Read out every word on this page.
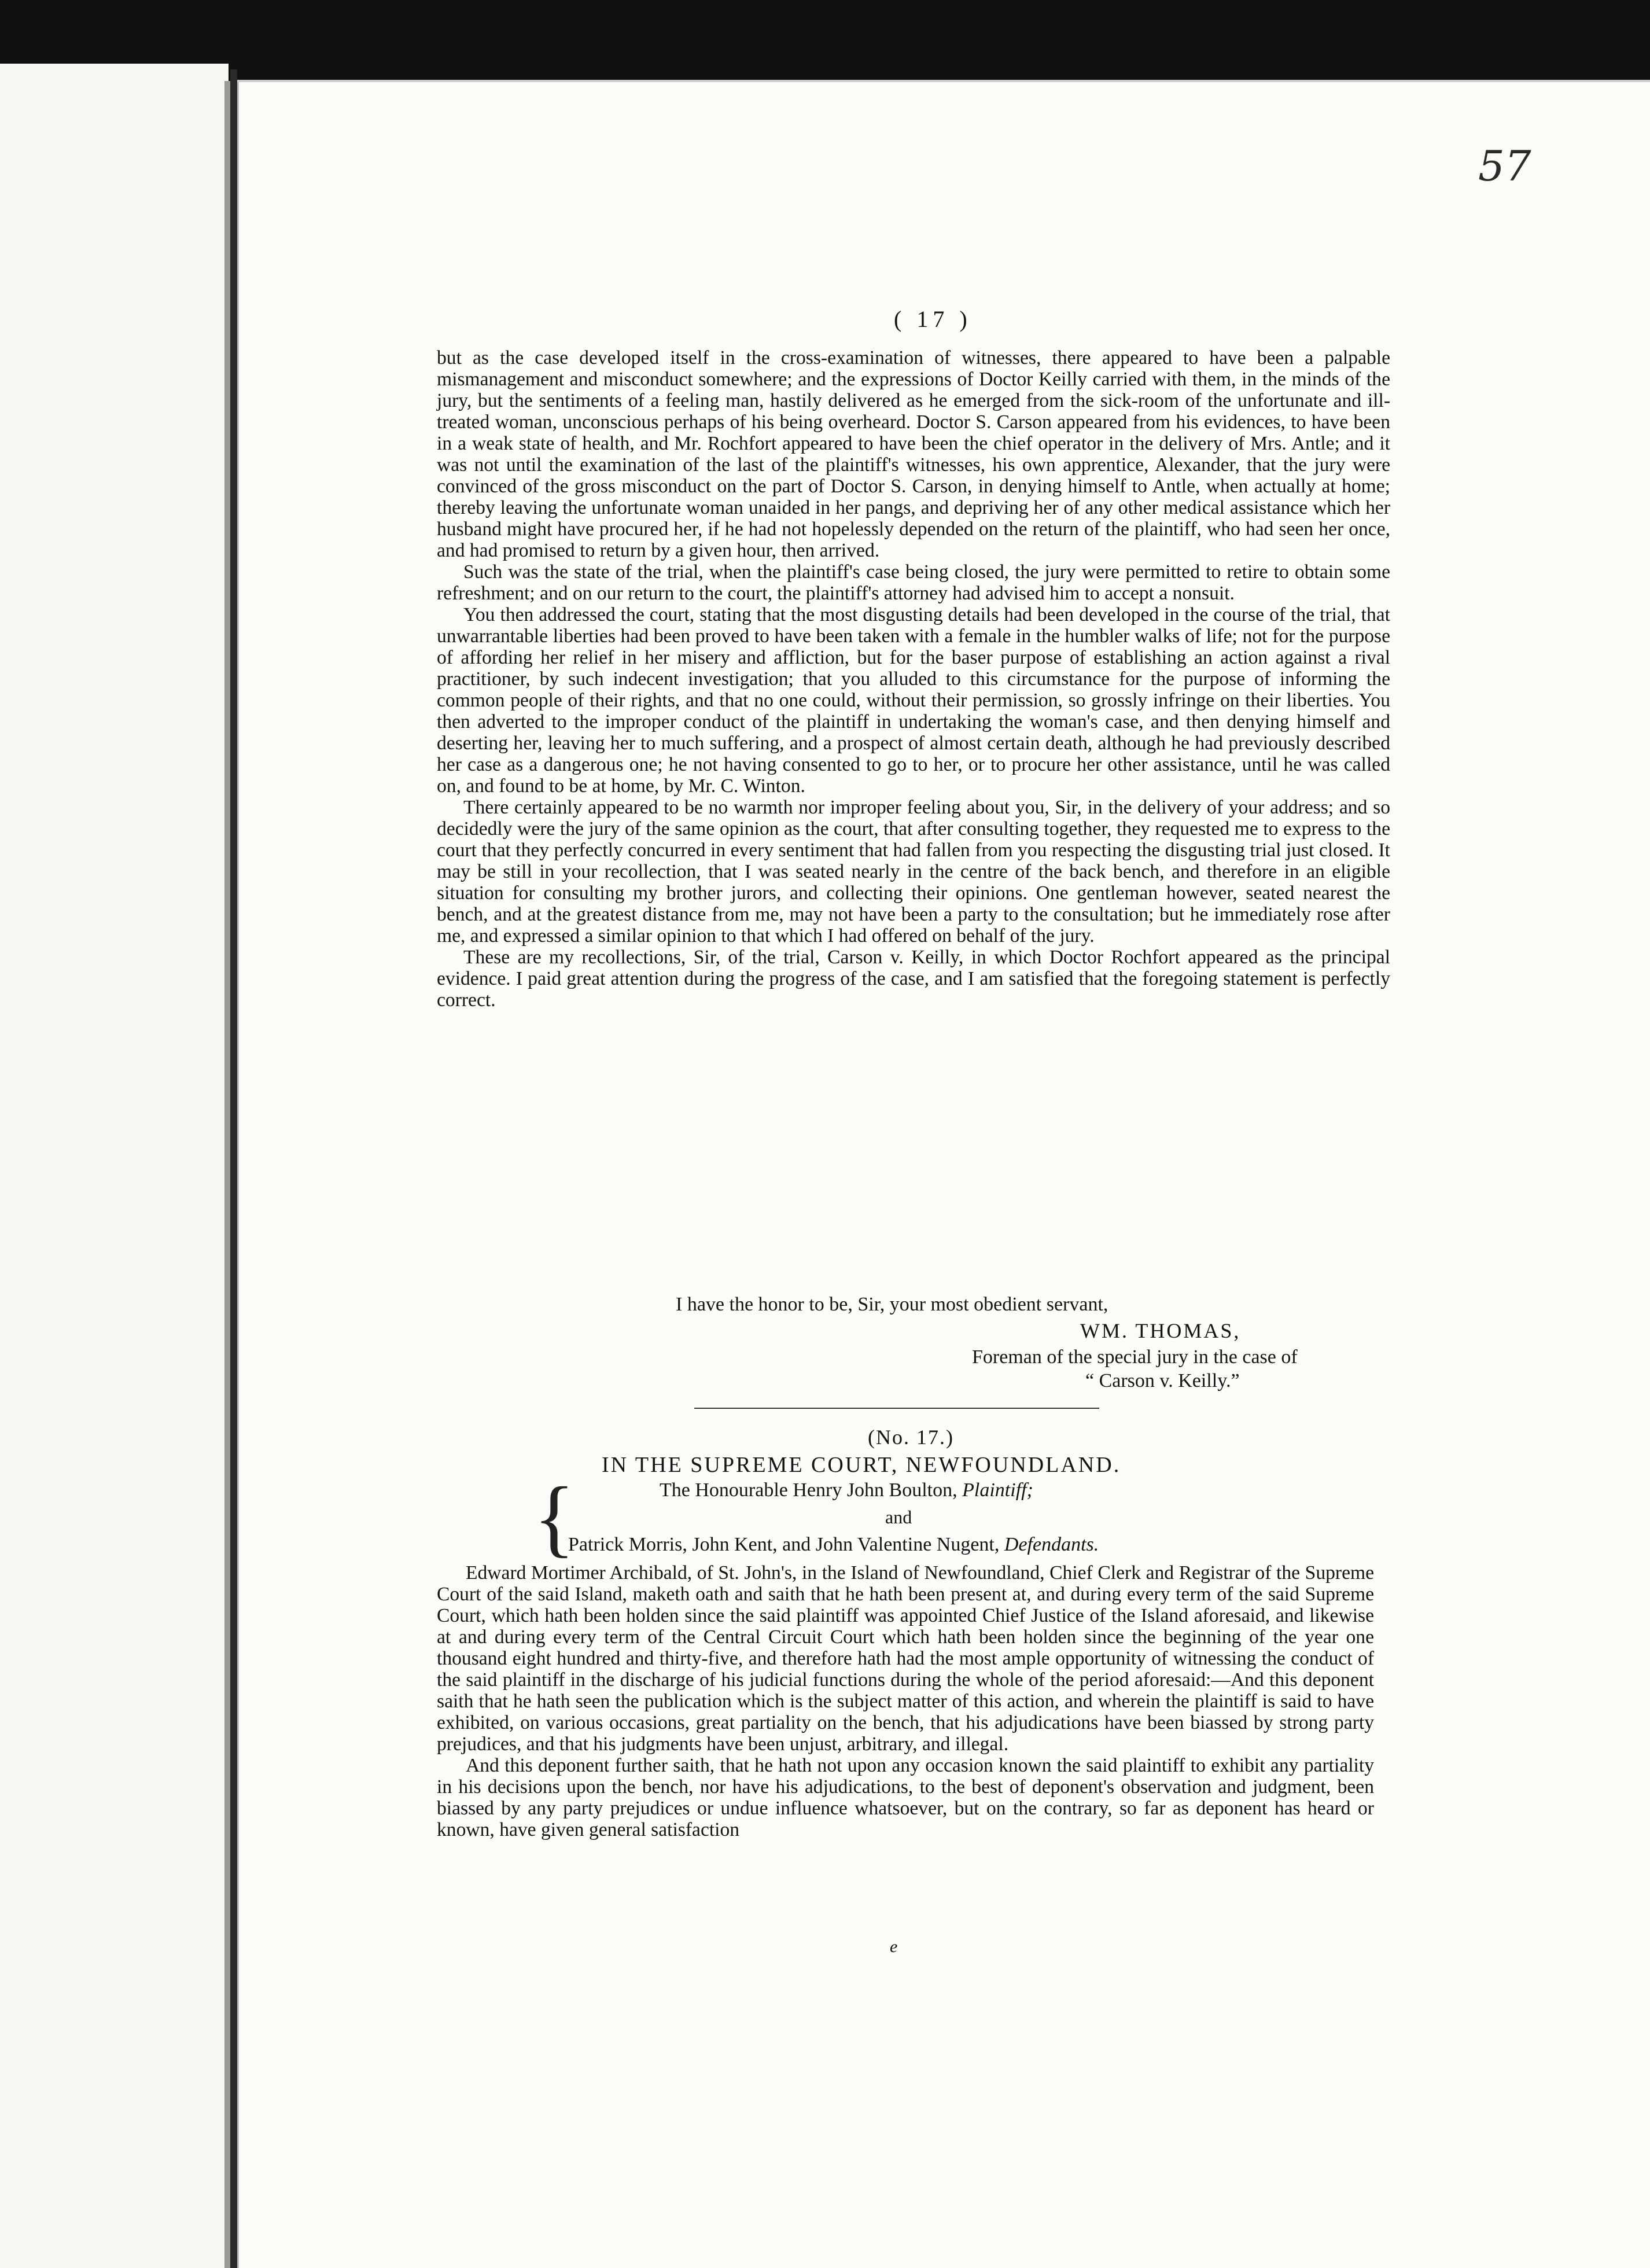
57
( 17 )

but as the case developed itself in the cross-examination of witnesses, there appeared to have been a palpable mismanagement and misconduct somewhere; and the expressions of Doctor Keilly carried with them, in the minds of the jury, but the sentiments of a feeling man, hastily delivered as he emerged from the sick-room of the unfortunate and ill-treated woman, unconscious perhaps of his being overheard. Doctor S. Carson appeared from his evidences, to have been in a weak state of health, and Mr. Rochfort appeared to have been the chief operator in the delivery of Mrs. Antle; and it was not until the examination of the last of the plaintiff's witnesses, his own apprentice, Alexander, that the jury were convinced of the gross misconduct on the part of Doctor S. Carson, in denying himself to Antle, when actually at home; thereby leaving the unfortunate woman unaided in her pangs, and depriving her of any other medical assistance which her husband might have procured her, if he had not hopelessly depended on the return of the plaintiff, who had seen her once, and had promised to return by a given hour, then arrived.

Such was the state of the trial, when the plaintiff's case being closed, the jury were permitted to retire to obtain some refreshment; and on our return to the court, the plaintiff's attorney had advised him to accept a nonsuit.

You then addressed the court, stating that the most disgusting details had been developed in the course of the trial, that unwarrantable liberties had been proved to have been taken with a female in the humbler walks of life; not for the purpose of affording her relief in her misery and affliction, but for the baser purpose of establishing an action against a rival practitioner, by such indecent investigation; that you alluded to this circumstance for the purpose of informing the common people of their rights, and that no one could, without their permission, so grossly infringe on their liberties. You then adverted to the improper conduct of the plaintiff in undertaking the woman's case, and then denying himself and deserting her, leaving her to much suffering, and a prospect of almost certain death, although he had previously described her case as a dangerous one; he not having consented to go to her, or to procure her other assistance, until he was called on, and found to be at home, by Mr. C. Winton.

There certainly appeared to be no warmth nor improper feeling about you, Sir, in the delivery of your address; and so decidedly were the jury of the same opinion as the court, that after consulting together, they requested me to express to the court that they perfectly concurred in every sentiment that had fallen from you respecting the disgusting trial just closed. It may be still in your recollection, that I was seated nearly in the centre of the back bench, and therefore in an eligible situation for consulting my brother jurors, and collecting their opinions. One gentleman however, seated nearest the bench, and at the greatest distance from me, may not have been a party to the consultation; but he immediately rose after me, and expressed a similar opinion to that which I had offered on behalf of the jury.

These are my recollections, Sir, of the trial, Carson v. Keilly, in which Doctor Rochfort appeared as the principal evidence. I paid great attention during the progress of the case, and I am satisfied that the foregoing statement is perfectly correct.

I have the honor to be, Sir, your most obedient servant,
WM. THOMAS,
Foreman of the special jury in the case of
“ Carson v. Keilly.”
(No. 17.)
IN THE SUPREME COURT, NEWFOUNDLAND.
{	The Honourable Henry John Boulton, Plaintiff;
and
Patrick Morris, John Kent, and John Valentine Nugent, Defendants.

Edward Mortimer Archibald, of St. John's, in the Island of Newfoundland, Chief Clerk and Registrar of the Supreme Court of the said Island, maketh oath and saith that he hath been present at, and during every term of the said Supreme Court, which hath been holden since the said plaintiff was appointed Chief Justice of the Island aforesaid, and likewise at and during every term of the Central Circuit Court which hath been holden since the beginning of the year one thousand eight hundred and thirty-five, and therefore hath had the most ample opportunity of witnessing the conduct of the said plaintiff in the discharge of his judicial functions during the whole of the period aforesaid:—And this deponent saith that he hath seen the publication which is the subject matter of this action, and wherein the plaintiff is said to have exhibited, on various occasions, great partiality on the bench, that his adjudications have been biassed by strong party prejudices, and that his judgments have been unjust, arbitrary, and illegal.

And this deponent further saith, that he hath not upon any occasion known the said plaintiff to exhibit any partiality in his decisions upon the bench, nor have his adjudications, to the best of deponent's observation and judgment, been biassed by any party prejudices or undue influence whatsoever, but on the contrary, so far as deponent has heard or known, have given general satisfaction

e
